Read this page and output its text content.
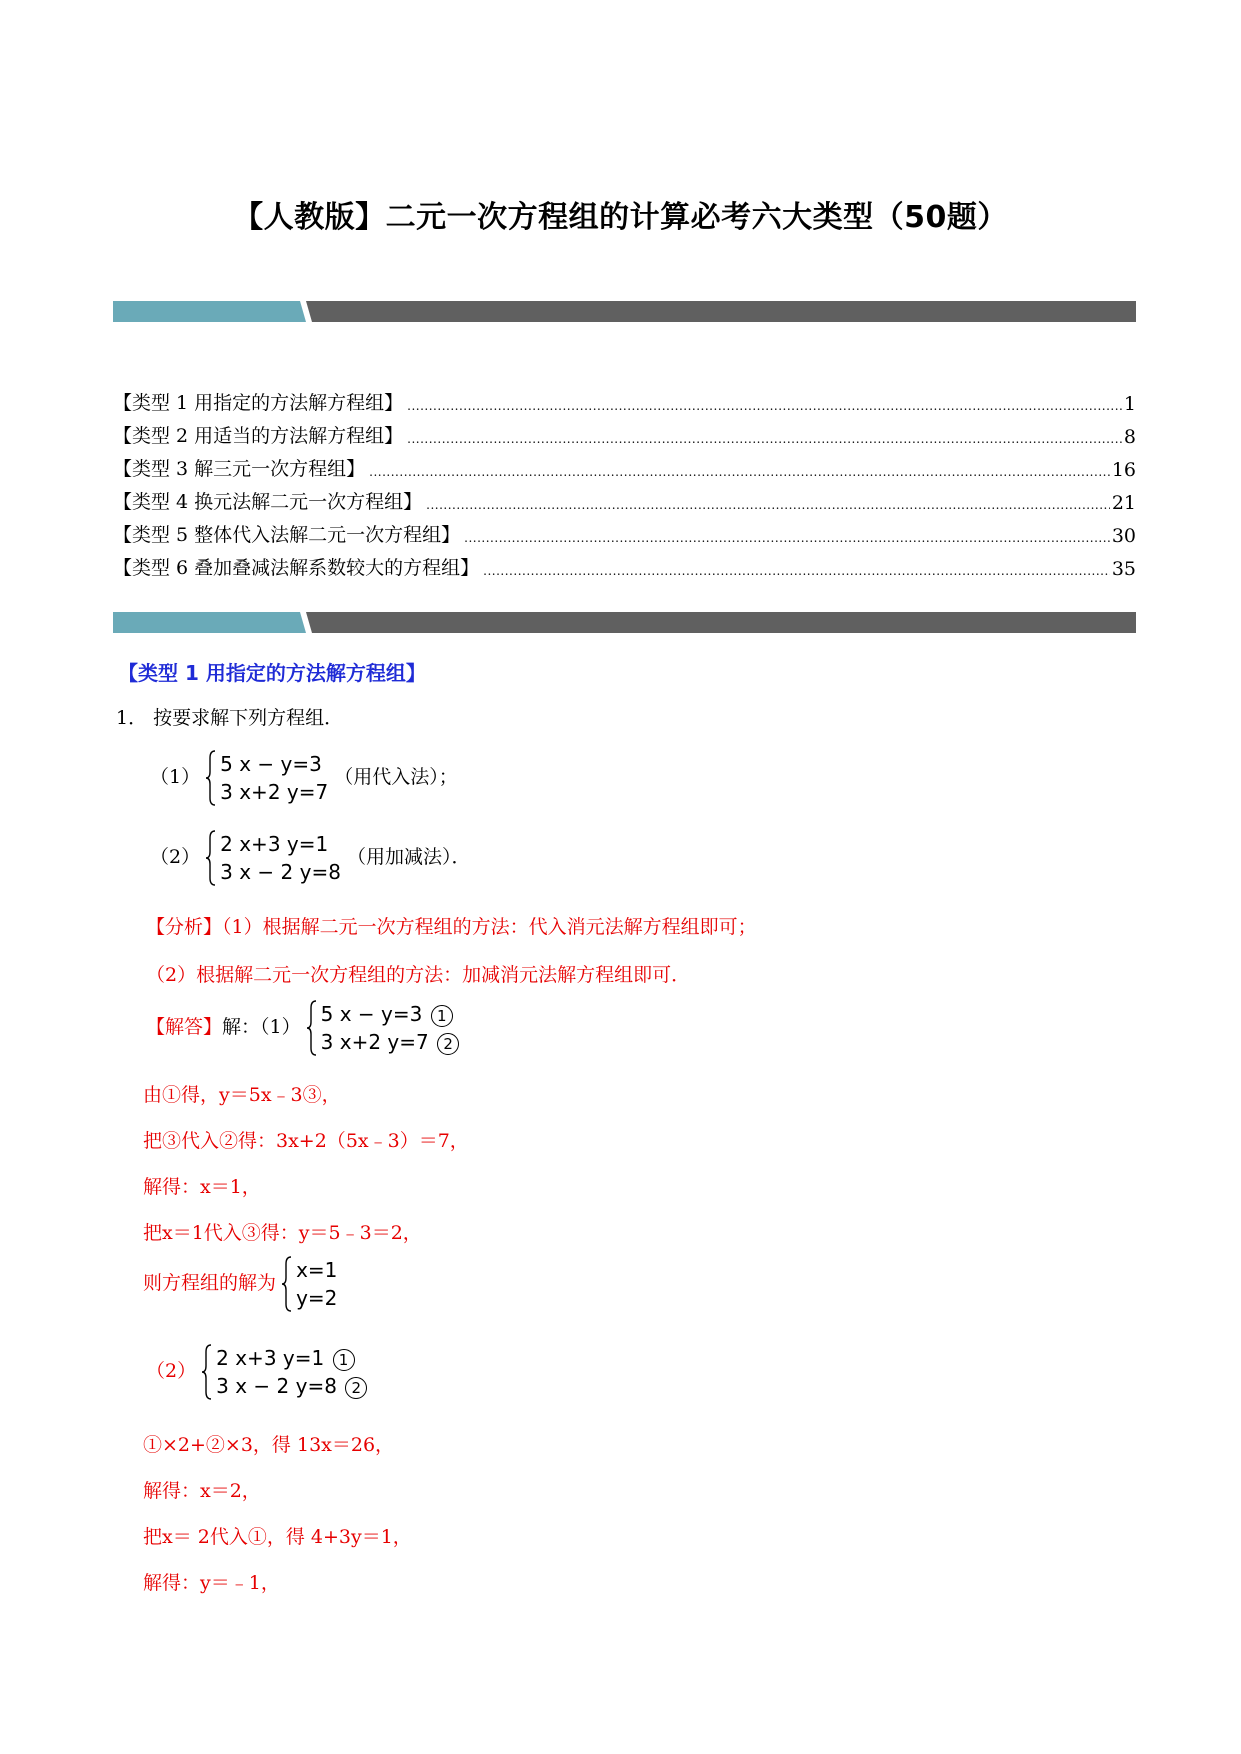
【人教版】二元一次方程组的计算必考六大类型（50题）
【类型 1 用指定的方法解方程组】 .....	1
【类型 2 用适当的方法解方程组】 .....	8
【类型 3 解三元一次方程组】 .....	16
【类型 4 换元法解二元一次方程组】 .....	21
【类型 5 整体代入法解二元一次方程组】 .....	30
【类型 6 叠加叠减法解系数较大的方程组】 .....	35
【类型 1 用指定的方法解方程组】
1． 按要求解下列方程组．
（1）
5 x − y=3
3 x+2 y=7
（用代入法）；
（2）
2 x+3 y=1
3 x − 2 y=8
（用加减法）．
【分析】（1）根据解二元一次方程组的方法：代入消元法解方程组即可；
（2）根据解二元一次方程组的方法：加减消元法解方程组即可．
【解答】解：（1）
5 x − y=3 1
3 x+2 y=7 2
由①得，y＝5x﹣3③，
把③代入②得：3x+2（5x﹣3）＝7，
解得：x＝1，
把x＝1代入③得：y＝5﹣3＝2，
则方程组的解为
x=1
y=2
（2）
2 x+3 y=1 1
3 x − 2 y=8 2
①×2+②×3，得 13x＝26，
解得：x＝2，
把x＝ 2代入①，得 4+3y＝1，
解得：y＝﹣1，
